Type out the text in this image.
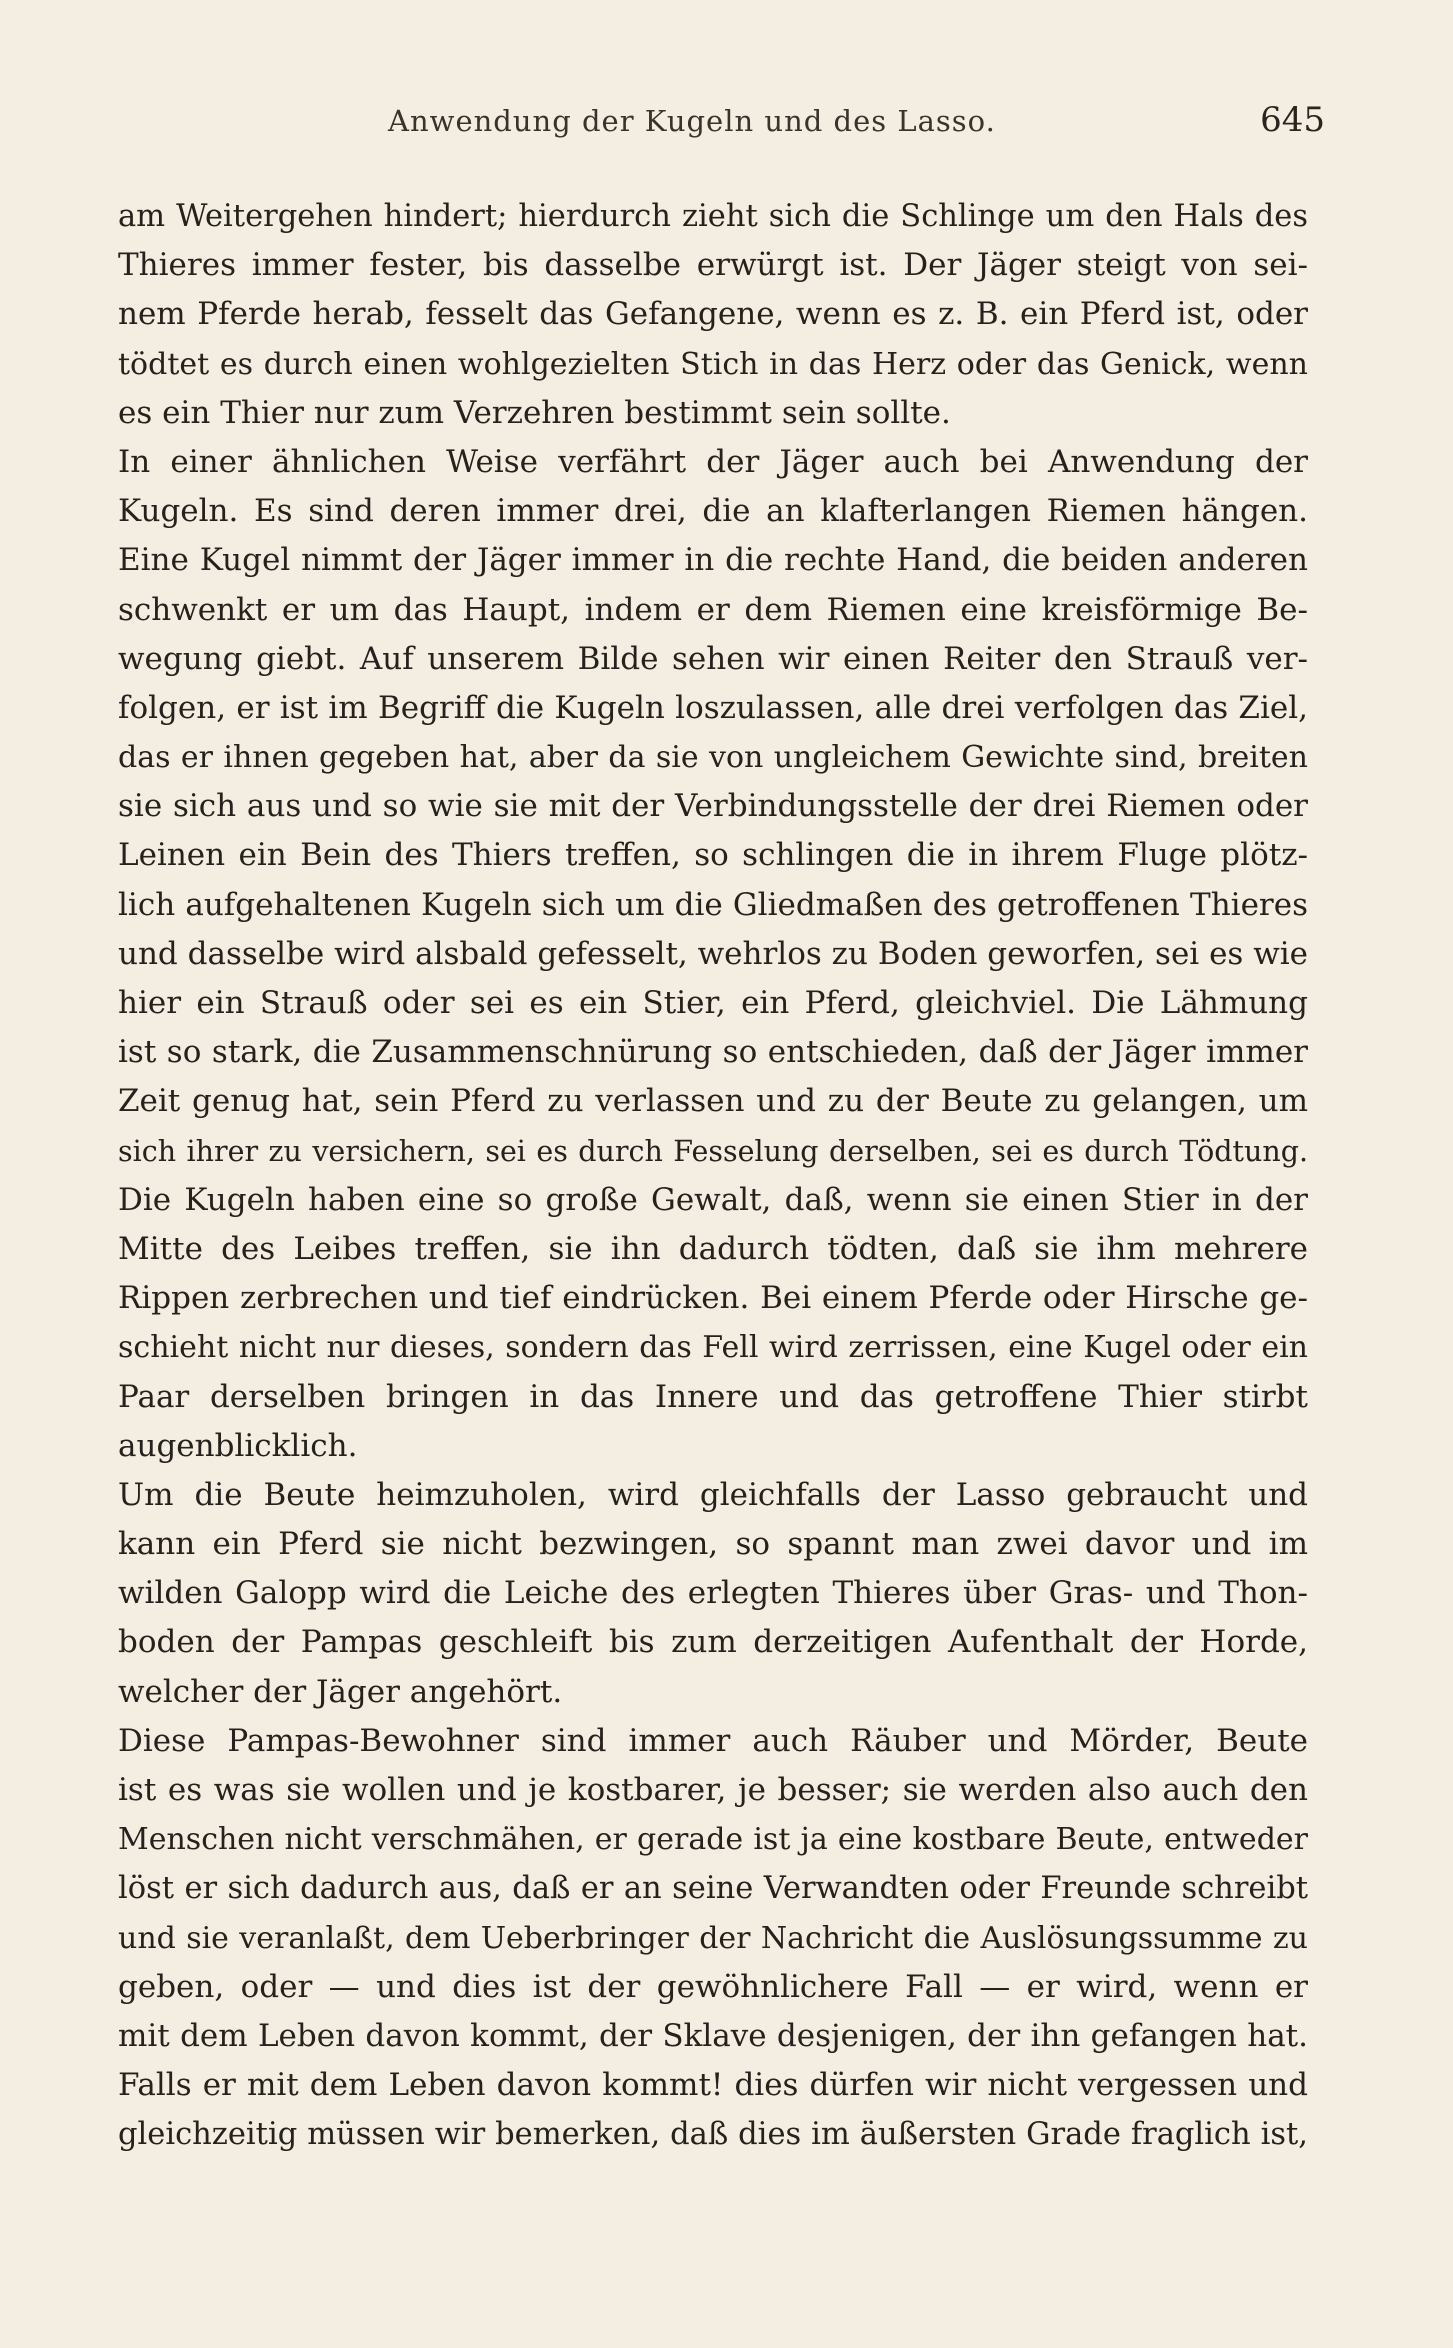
Anwendung der Kugeln und des Lasso.	645
am Weitergehen hindert; hierdurch zieht sich die Schlinge um den Hals des
Thieres immer fester, bis dasselbe erwürgt ist. Der Jäger steigt von sei-
nem Pferde herab, fesselt das Gefangene, wenn es z. B. ein Pferd ist, oder
tödtet es durch einen wohlgezielten Stich in das Herz oder das Genick, wenn
es ein Thier nur zum Verzehren bestimmt sein sollte.
In einer ähnlichen Weise verfährt der Jäger auch bei Anwendung der
Kugeln. Es sind deren immer drei, die an klafterlangen Riemen hängen.
Eine Kugel nimmt der Jäger immer in die rechte Hand, die beiden anderen
schwenkt er um das Haupt, indem er dem Riemen eine kreisförmige Be-
wegung giebt. Auf unserem Bilde sehen wir einen Reiter den Strauß ver-
folgen, er ist im Begriff die Kugeln loszulassen, alle drei verfolgen das Ziel,
das er ihnen gegeben hat, aber da sie von ungleichem Gewichte sind, breiten
sie sich aus und so wie sie mit der Verbindungsstelle der drei Riemen oder
Leinen ein Bein des Thiers treffen, so schlingen die in ihrem Fluge plötz-
lich aufgehaltenen Kugeln sich um die Gliedmaßen des getroffenen Thieres
und dasselbe wird alsbald gefesselt, wehrlos zu Boden geworfen, sei es wie
hier ein Strauß oder sei es ein Stier, ein Pferd, gleichviel. Die Lähmung
ist so stark, die Zusammenschnürung so entschieden, daß der Jäger immer
Zeit genug hat, sein Pferd zu verlassen und zu der Beute zu gelangen, um
sich ihrer zu versichern, sei es durch Fesselung derselben, sei es durch Tödtung.
Die Kugeln haben eine so große Gewalt, daß, wenn sie einen Stier in der
Mitte des Leibes treffen, sie ihn dadurch tödten, daß sie ihm mehrere
Rippen zerbrechen und tief eindrücken. Bei einem Pferde oder Hirsche ge-
schieht nicht nur dieses, sondern das Fell wird zerrissen, eine Kugel oder ein
Paar derselben bringen in das Innere und das getroffene Thier stirbt
augenblicklich.
Um die Beute heimzuholen, wird gleichfalls der Lasso gebraucht und
kann ein Pferd sie nicht bezwingen, so spannt man zwei davor und im
wilden Galopp wird die Leiche des erlegten Thieres über Gras- und Thon-
boden der Pampas geschleift bis zum derzeitigen Aufenthalt der Horde,
welcher der Jäger angehört.
Diese Pampas-Bewohner sind immer auch Räuber und Mörder, Beute
ist es was sie wollen und je kostbarer, je besser; sie werden also auch den
Menschen nicht verschmähen, er gerade ist ja eine kostbare Beute, entweder
löst er sich dadurch aus, daß er an seine Verwandten oder Freunde schreibt
und sie veranlaßt, dem Ueberbringer der Nachricht die Auslösungssumme zu
geben, oder — und dies ist der gewöhnlichere Fall — er wird, wenn er
mit dem Leben davon kommt, der Sklave desjenigen, der ihn gefangen hat.
Falls er mit dem Leben davon kommt! dies dürfen wir nicht vergessen und
gleichzeitig müssen wir bemerken, daß dies im äußersten Grade fraglich ist,
